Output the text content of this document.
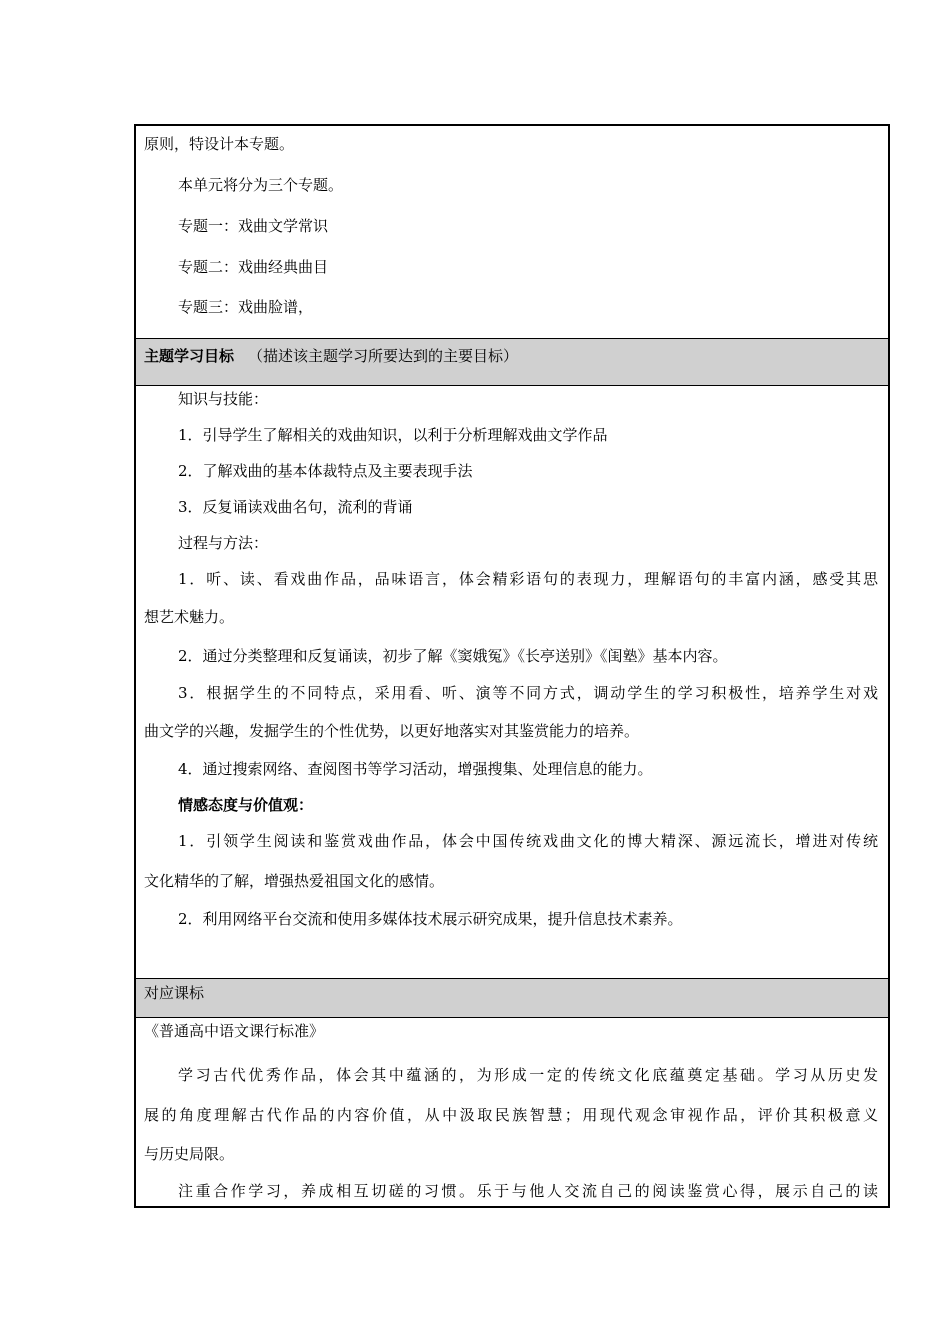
原则，特设计本专题。
本单元将分为三个专题。
专题一：戏曲文学常识
专题二：戏曲经典曲目
专题三：戏曲脸谱，
主题学习目标 （描述该主题学习所要达到的主要目标）
知识与技能：
1．引导学生了解相关的戏曲知识，以利于分析理解戏曲文学作品
2．了解戏曲的基本体裁特点及主要表现手法
3．反复诵读戏曲名句，流利的背诵
过程与方法：
1．听、读、看戏曲作品，品味语言，体会精彩语句的表现力，理解语句的丰富内涵，感受其思
想艺术魅力。
2．通过分类整理和反复诵读，初步了解《窦娥冤》《长亭送别》《闺塾》基本内容。
3．根据学生的不同特点，采用看、听、演等不同方式，调动学生的学习积极性，培养学生对戏
曲文学的兴趣，发掘学生的个性优势，以更好地落实对其鉴赏能力的培养。
4．通过搜索网络、查阅图书等学习活动，增强搜集、处理信息的能力。
情感态度与价值观：
1．引领学生阅读和鉴赏戏曲作品，体会中国传统戏曲文化的博大精深、源远流长，增进对传统
文化精华的了解，增强热爱祖国文化的感情。
2．利用网络平台交流和使用多媒体技术展示研究成果，提升信息技术素养。
对应课标
《普通高中语文课行标准》
学习古代优秀作品，体会其中蕴涵的，为形成一定的传统文化底蕴奠定基础。学习从历史发
展的角度理解古代作品的内容价值，从中汲取民族智慧；用现代观念审视作品，评价其积极意义
与历史局限。
注重合作学习，养成相互切磋的习惯。乐于与他人交流自己的阅读鉴赏心得，展示自己的读
